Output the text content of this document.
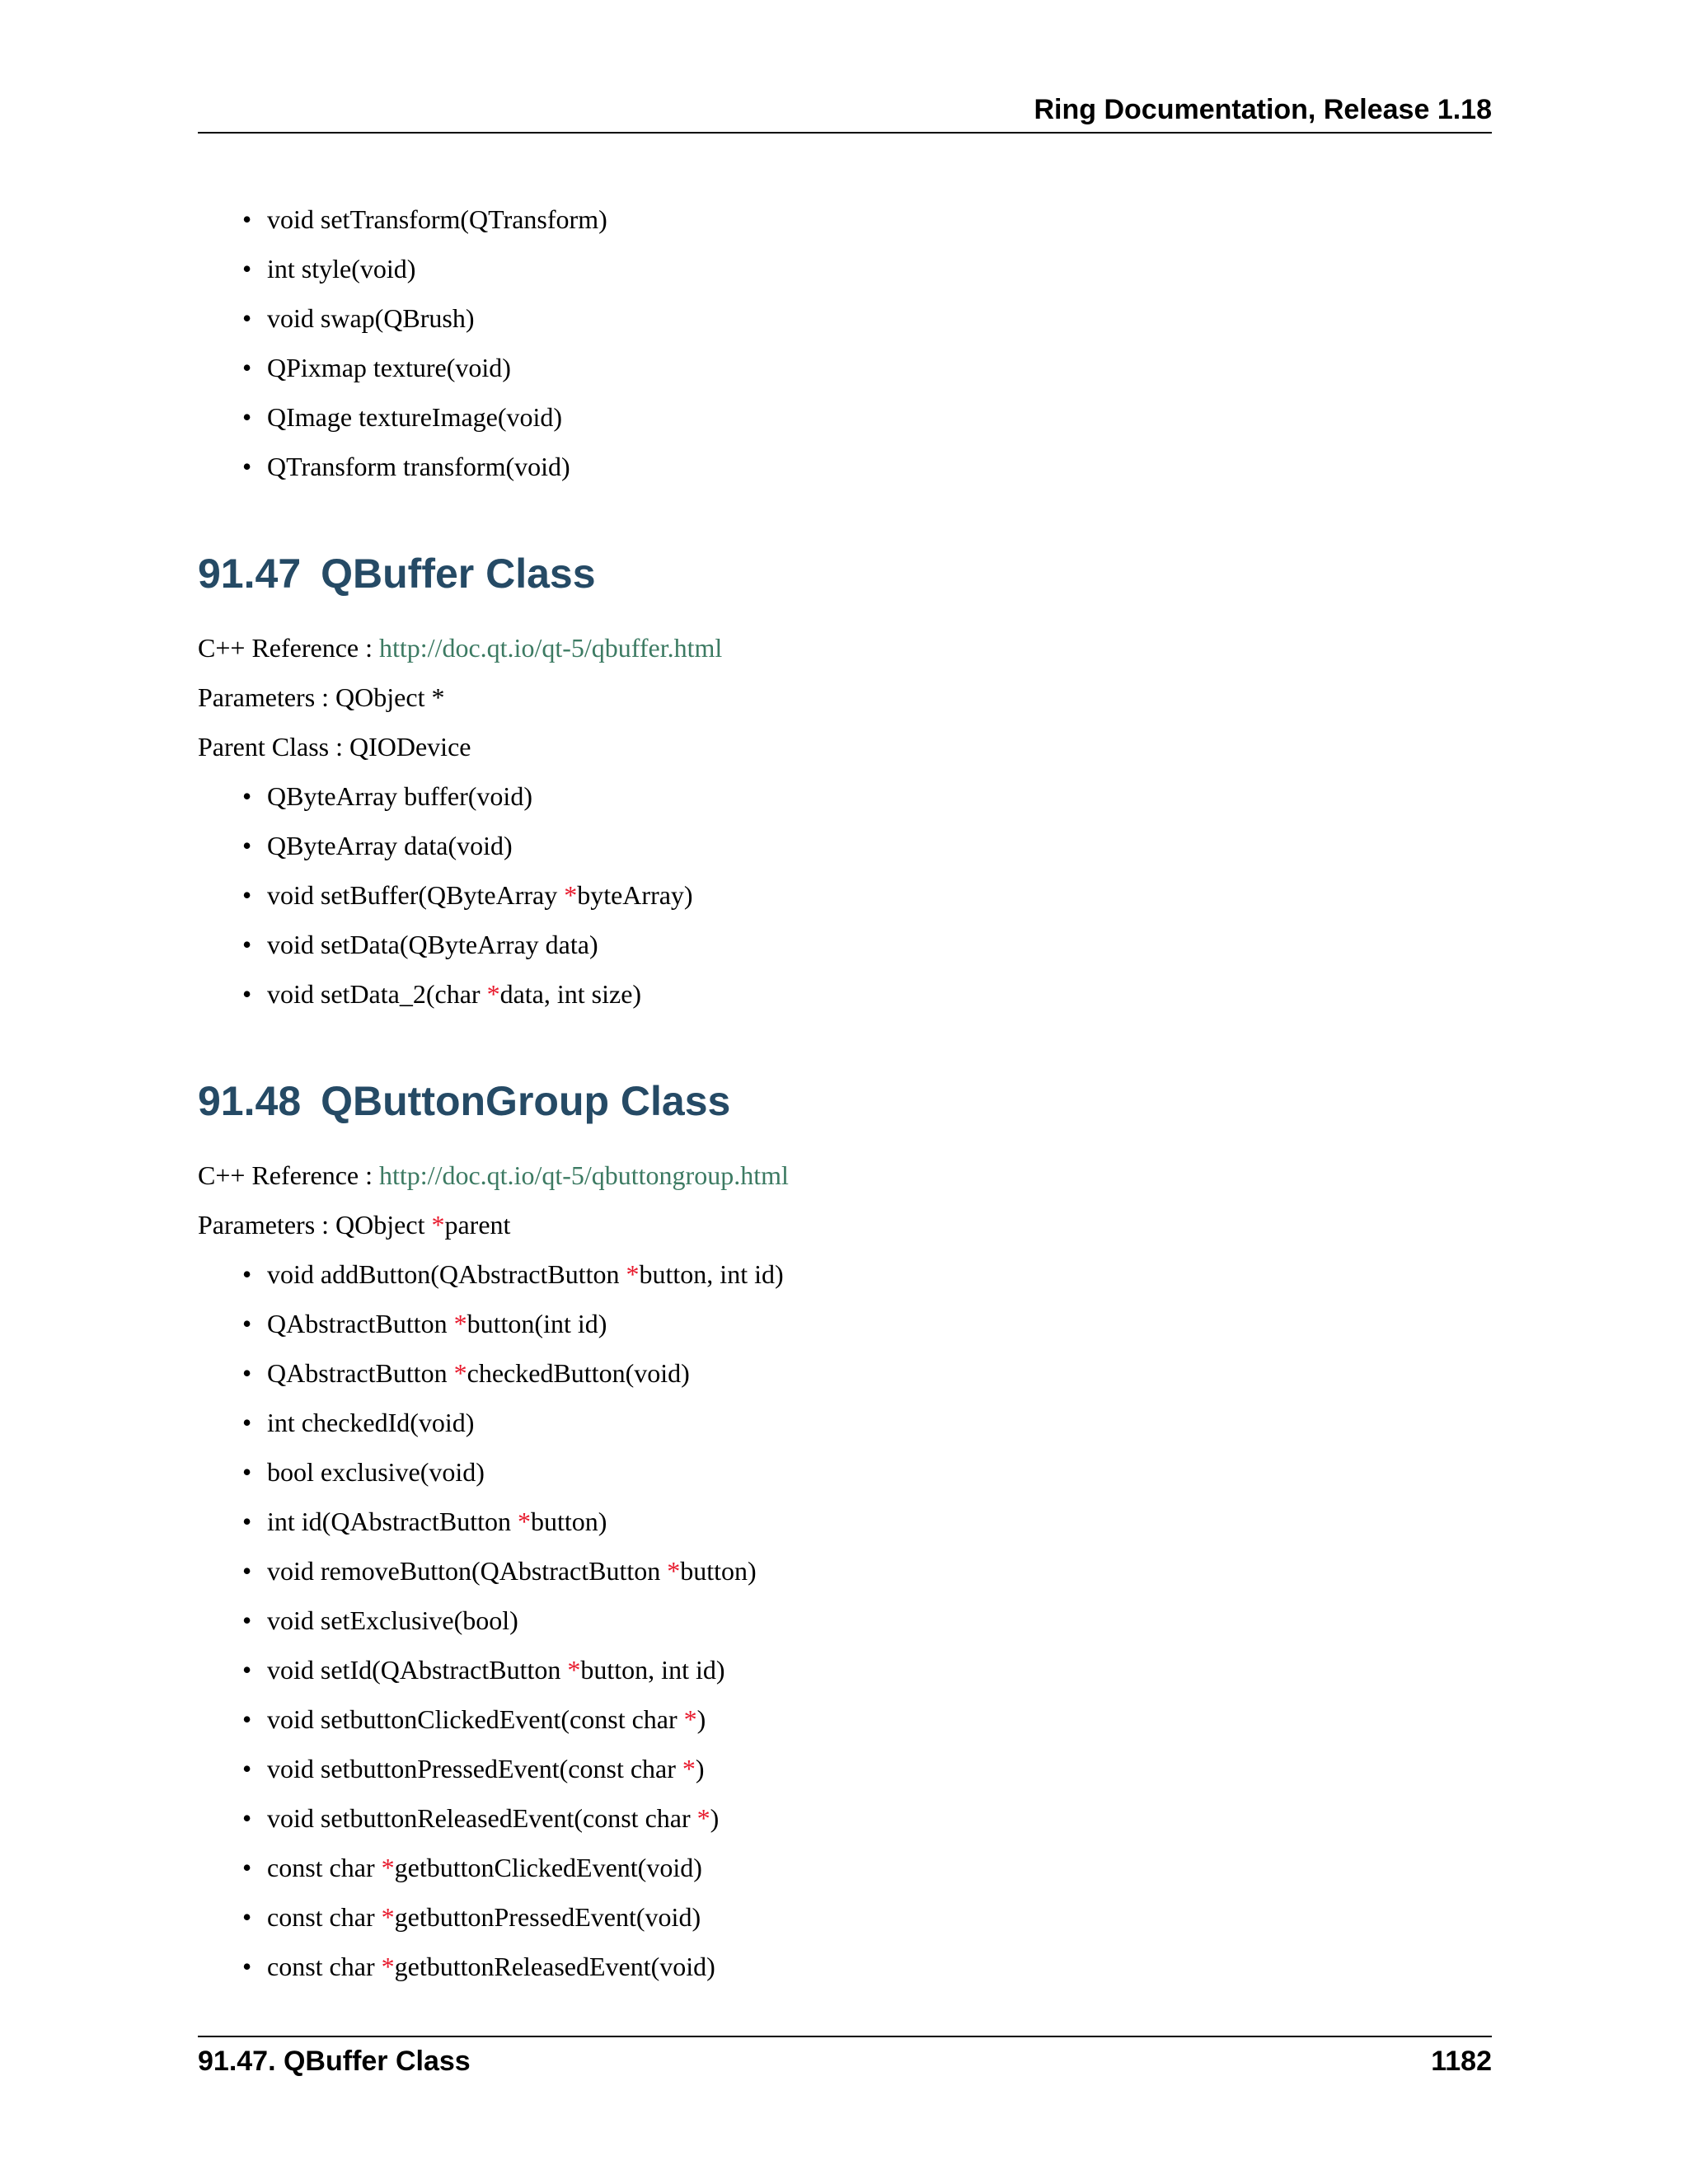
Ring Documentation, Release 1.18
• void setTransform(QTransform)
• int style(void)
• void swap(QBrush)
• QPixmap texture(void)
• QImage textureImage(void)
• QTransform transform(void)
91.47 QBuffer Class

C++ Reference : http://doc.qt.io/qt-5/qbuffer.html

Parameters : QObject *

Parent Class : QIODevice

• QByteArray buffer(void)
• QByteArray data(void)
• void setBuffer(QByteArray *byteArray)
• void setData(QByteArray data)
• void setData_2(char *data, int size)
91.48 QButtonGroup Class

C++ Reference : http://doc.qt.io/qt-5/qbuttongroup.html

Parameters : QObject *parent

• void addButton(QAbstractButton *button, int id)
• QAbstractButton *button(int id)
• QAbstractButton *checkedButton(void)
• int checkedId(void)
• bool exclusive(void)
• int id(QAbstractButton *button)
• void removeButton(QAbstractButton *button)
• void setExclusive(bool)
• void setId(QAbstractButton *button, int id)
• void setbuttonClickedEvent(const char *)
• void setbuttonPressedEvent(const char *)
• void setbuttonReleasedEvent(const char *)
• const char *getbuttonClickedEvent(void)
• const char *getbuttonPressedEvent(void)
• const char *getbuttonReleasedEvent(void)
91.47. QBuffer Class	1182
